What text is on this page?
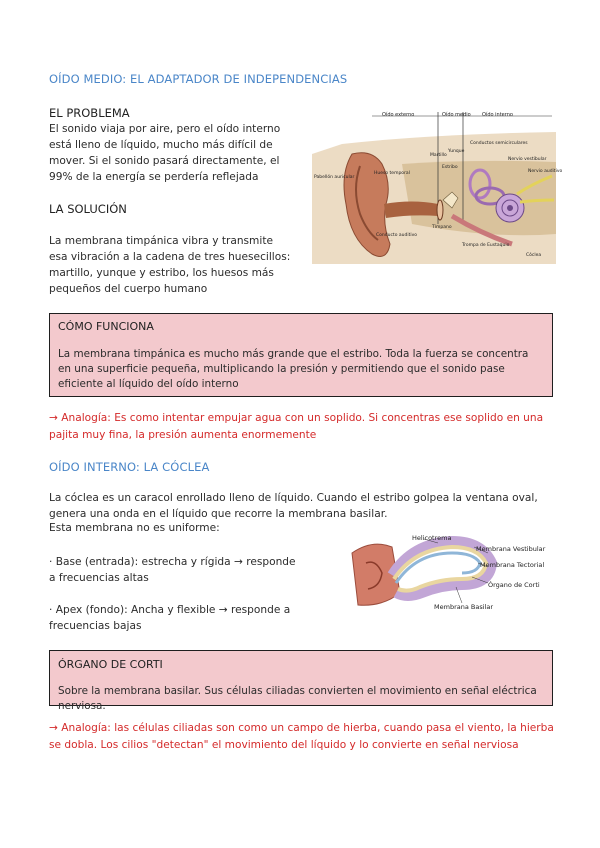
OÍDO MEDIO: EL ADAPTADOR DE INDEPENDENCIAS
EL PROBLEMA
El sonido viaja por aire, pero el oído interno está lleno de líquido, mucho más difícil de mover. Si el sonido pasará directamente, el 99% de la energía se perdería reflejada
LA SOLUCIÓN
La membrana timpánica vibra y transmite esa vibración a la cadena de tres huesecillos: martillo, yunque y estribo, los huesos más pequeños del cuerpo humano
Oído externo	Oído medio Oído interno
Pabellón auricular
Hueso temporal
Conducto auditivo
Tímpano
Martillo
Yunque
Estribo
Conductos semicirculares
Nervio vestibular
Nervio auditivo
Trompa de Eustaquio
Cóclea
CÓMO FUNCIONA
La membrana timpánica es mucho más grande que el estribo. Toda la fuerza se concentra en una superficie pequeña, multiplicando la presión y permitiendo que el sonido pase eficiente al líquido del oído interno
→ Analogía: Es como intentar empujar agua con un soplido. Si concentras ese soplido en una pajita muy fina, la presión aumenta enormemente
OÍDO INTERNO: LA CÓCLEA
La cóclea es un caracol enrollado lleno de líquido. Cuando el estribo golpea la ventana oval, genera una onda en el líquido que recorre la membrana basilar.
Esta membrana no es uniforme:
· Base (entrada): estrecha y rígida → responde a frecuencias altas
· Apex (fondo): Ancha y flexible → responde a frecuencias bajas
Helicotrema
Membrana Vestibular
Membrana Tectorial
Órgano de Corti
Membrana Basilar
ÓRGANO DE CORTI
Sobre la membrana basilar. Sus células ciliadas convierten el movimiento en señal eléctrica nerviosa.
→ Analogía: las células ciliadas son como un campo de hierba, cuando pasa el viento, la hierba se dobla. Los cilios "detectan" el movimiento del líquido y lo convierte en señal nerviosa
